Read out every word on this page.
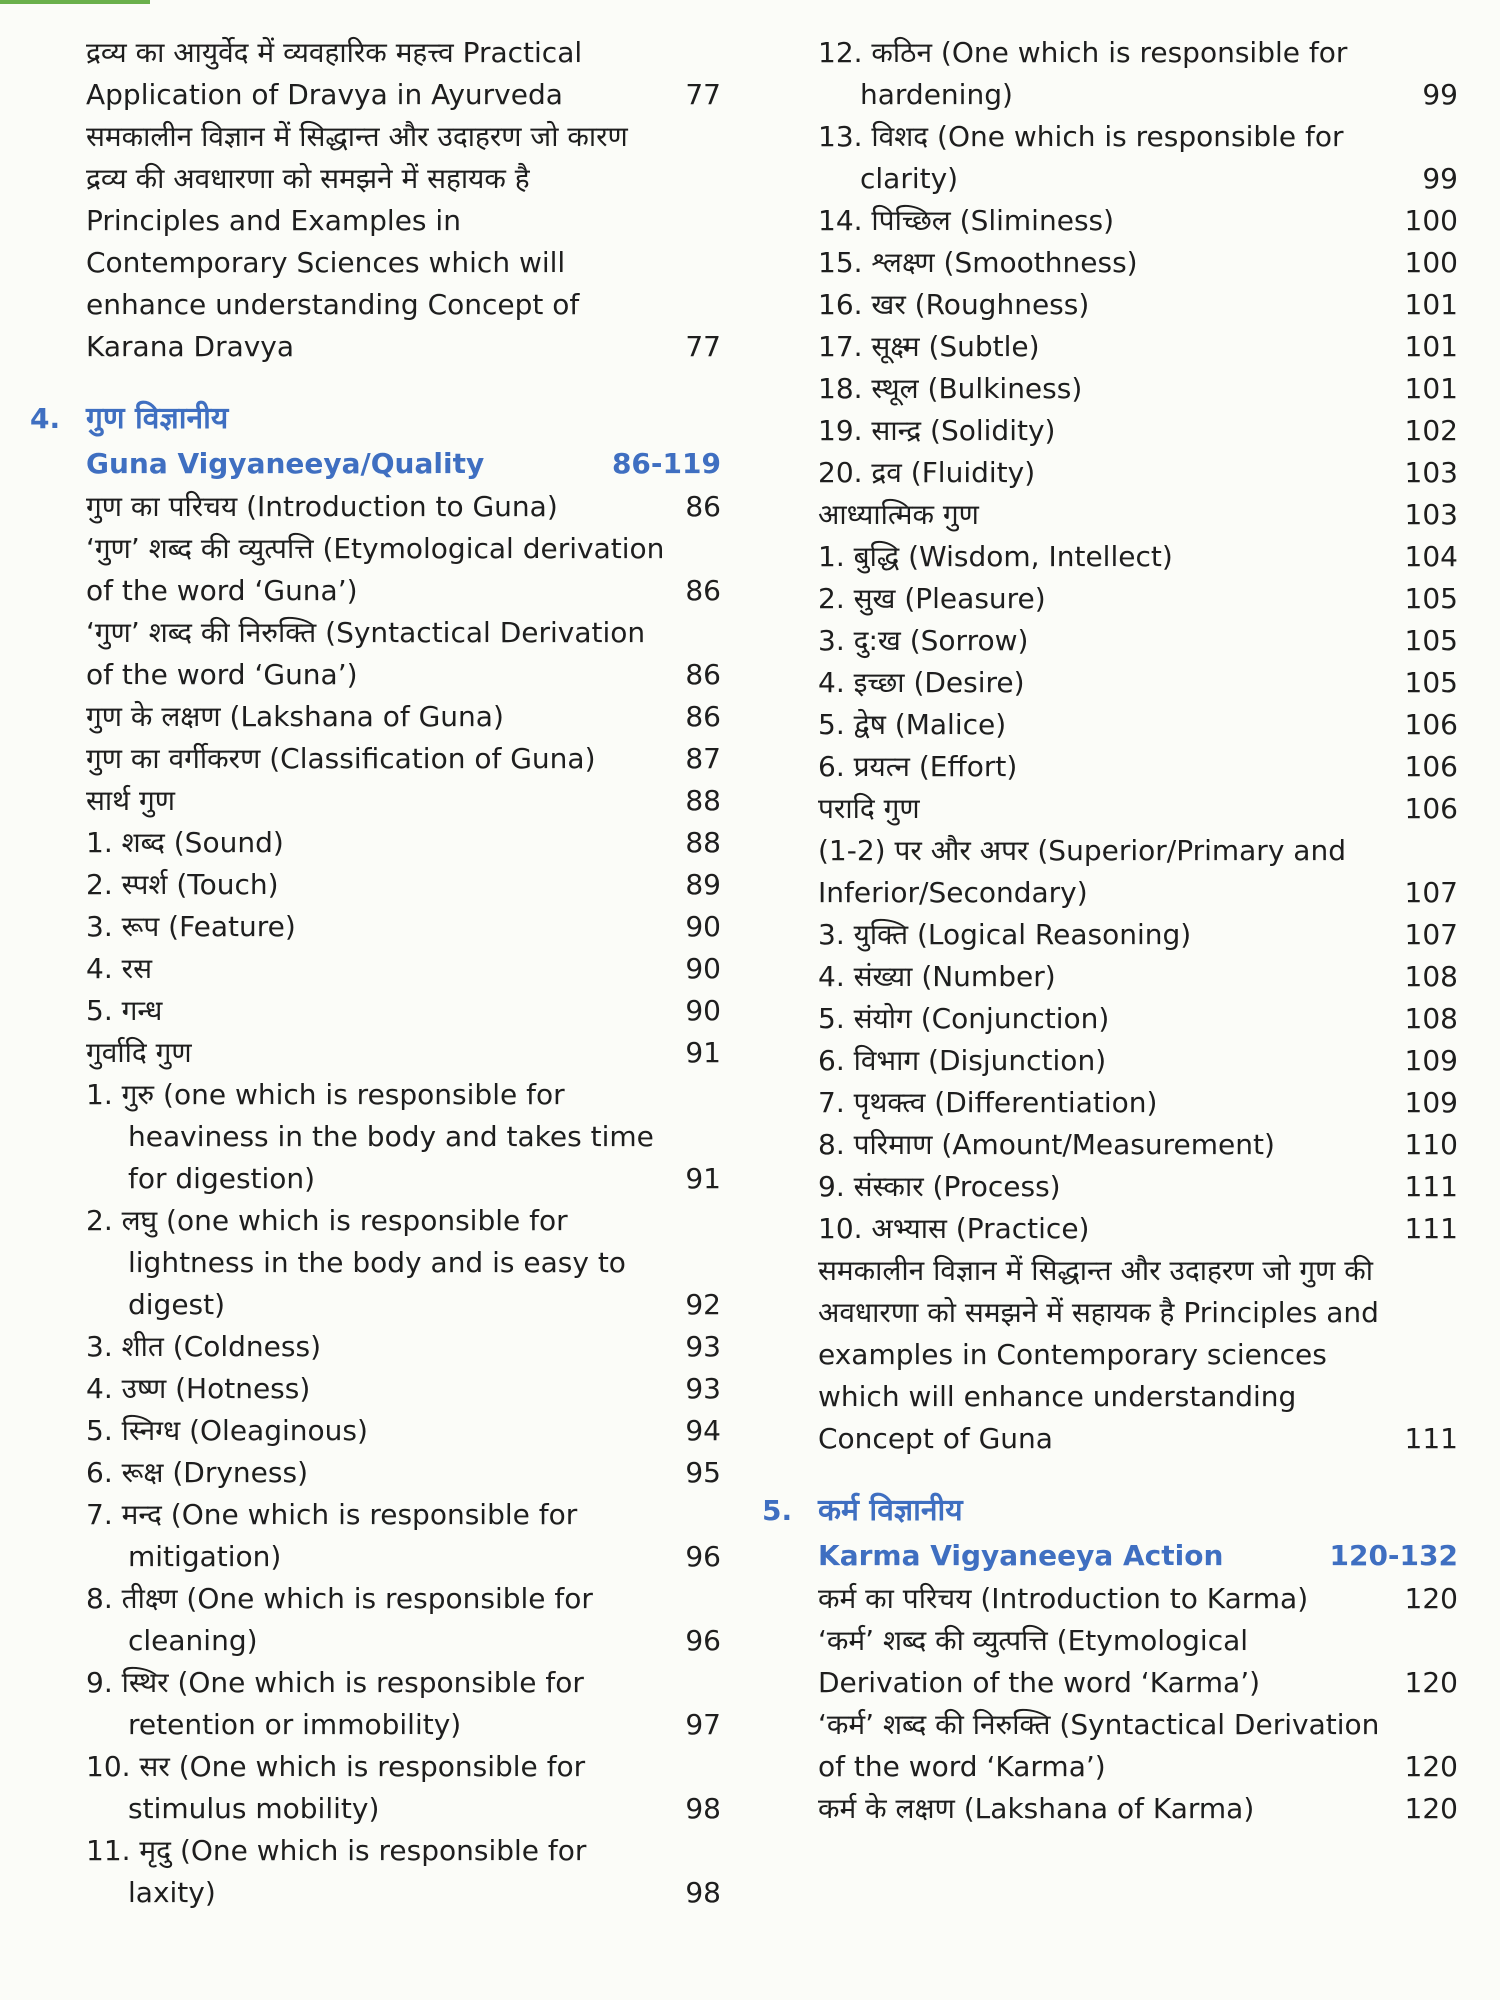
द्रव्य का आयुर्वेद में व्यवहारिक महत्त्व Practical Application of Dravya in Ayurveda	77
समकालीन विज्ञान में सिद्धान्त और उदाहरण जो कारण द्रव्य की अवधारणा को समझने में सहायक है Principles and Examples in Contemporary Sciences which will enhance understanding Concept of Karana Dravya	77
4. गुण विज्ञानीय
Guna Vigyaneeya/Quality	86-119
गुण का परिचय (Introduction to Guna)	86
‘गुण’ शब्द की व्युत्पत्ति (Etymological derivation of the word ‘Guna’)	86
‘गुण’ शब्द की निरुक्ति (Syntactical Derivation of the word ‘Guna’)	86
गुण के लक्षण (Lakshana of Guna)	86
गुण का वर्गीकरण (Classification of Guna)	87
सार्थ गुण	88
1. शब्द (Sound)	88
2. स्पर्श (Touch)	89
3. रूप (Feature)	90
4. रस	90
5. गन्ध	90
गुर्वादि गुण	91
1. गुरु (one which is responsible for heaviness in the body and takes time for digestion)	91
2. लघु (one which is responsible for lightness in the body and is easy to digest)	92
3. शीत (Coldness)	93
4. उष्ण (Hotness)	93
5. स्निग्ध (Oleaginous)	94
6. रूक्ष (Dryness)	95
7. मन्द (One which is responsible for mitigation)	96
8. तीक्ष्ण (One which is responsible for cleaning)	96
9. स्थिर (One which is responsible for retention or immobility)	97
10. सर (One which is responsible for stimulus mobility)	98
11. मृदु (One which is responsible for laxity)	98
12. कठिन (One which is responsible for hardening)	99
13. विशद (One which is responsible for clarity)	99
14. पिच्छिल (Sliminess)	100
15. श्लक्ष्ण (Smoothness)	100
16. खर (Roughness)	101
17. सूक्ष्म (Subtle)	101
18. स्थूल (Bulkiness)	101
19. सान्द्र (Solidity)	102
20. द्रव (Fluidity)	103
आध्यात्मिक गुण	103
1. बुद्धि (Wisdom, Intellect)	104
2. सुख (Pleasure)	105
3. दु:ख (Sorrow)	105
4. इच्छा (Desire)	105
5. द्वेष (Malice)	106
6. प्रयत्न (Effort)	106
परादि गुण	106
(1-2) पर और अपर (Superior/Primary and Inferior/Secondary)	107
3. युक्ति (Logical Reasoning)	107
4. संख्या (Number)	108
5. संयोग (Conjunction)	108
6. विभाग (Disjunction)	109
7. पृथक्त्व (Differentiation)	109
8. परिमाण (Amount/Measurement)	110
9. संस्कार (Process)	111
10. अभ्यास (Practice)	111
समकालीन विज्ञान में सिद्धान्त और उदाहरण जो गुण की अवधारणा को समझने में सहायक है Principles and examples in Contemporary sciences which will enhance understanding Concept of Guna	111
5. कर्म विज्ञानीय
Karma Vigyaneeya Action	120-132
कर्म का परिचय (Introduction to Karma)	120
‘कर्म’ शब्द की व्युत्पत्ति (Etymological Derivation of the word ‘Karma’)	120
‘कर्म’ शब्द की निरुक्ति (Syntactical Derivation of the word ‘Karma’)	120
कर्म के लक्षण (Lakshana of Karma)	120
